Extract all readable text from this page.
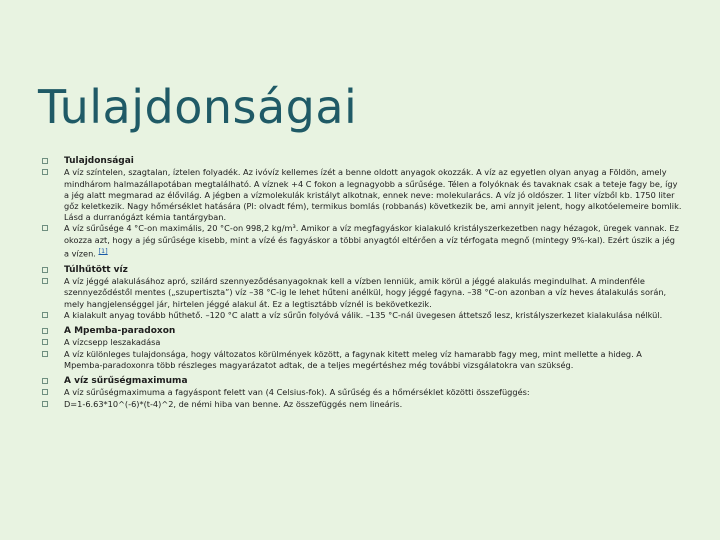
Tulajdonságai
Tulajdonságai
A víz színtelen, szagtalan, íztelen folyadék. Az ivóvíz kellemes ízét a benne oldott anyagok okozzák. A víz az egyetlen olyan anyag a Földön, amely mindhárom halmazállapotában megtalálható. A víznek +4 C fokon a legnagyobb a sűrűsége. Télen a folyóknak és tavaknak csak a teteje fagy be, így a jég alatt megmarad az élővilág. A jégben a vízmolekulák kristályt alkotnak, ennek neve: molekularács. A víz jó oldószer. 1 liter vízből kb. 1750 liter gőz keletkezik. Nagy hőmérséklet hatására (Pl: olvadt fém), termikus bomlás (robbanás) következik be, ami annyit jelent, hogy alkotóelemeire bomlik. Lásd a durranógázt kémia tantárgyban.
A víz sűrűsége 4 °C-on maximális, 20 °C-on 998,2 kg/m³. Amikor a víz megfagyáskor kialakuló kristályszerkezetben nagy hézagok, üregek vannak. Ez okozza azt, hogy a jég sűrűsége kisebb, mint a vízé és fagyáskor a többi anyagtól eltérően a víz térfogata megnő (mintegy 9%-kal). Ezért úszik a jég a vízen. [1]
Túlhűtött víz
A víz jéggé alakulásához apró, szilárd szennyeződésanyagoknak kell a vízben lenniük, amik körül a jéggé alakulás megindulhat. A mindenféle szennyeződéstől mentes („szupertiszta”) víz –38 °C-ig le lehet hűteni anélkül, hogy jéggé fagyna. –38 °C-on azonban a víz heves átalakulás során, mely hangjelenséggel jár, hirtelen jéggé alakul át. Ez a legtisztább víznél is bekövetkezik.
A kialakult anyag tovább hűthető. –120 °C alatt a víz sűrűn folyóvá válik. –135 °C-nál üvegesen áttetsző lesz, kristályszerkezet kialakulása nélkül.
A Mpemba-paradoxon
A vízcsepp leszakadása
A víz különleges tulajdonsága, hogy változatos körülmények között, a fagynak kitett meleg víz hamarabb fagy meg, mint mellette a hideg. A Mpemba-paradoxonra több részleges magyarázatot adtak, de a teljes megértéshez még további vizsgálatokra van szükség.
A víz sűrűségmaximuma
A víz sűrűségmaximuma a fagyáspont felett van (4 Celsius-fok). A sűrűség és a hőmérséklet közötti összefüggés:
D=1-6.63*10^(-6)*(t-4)^2, de némi hiba van benne. Az összefüggés nem lineáris.
